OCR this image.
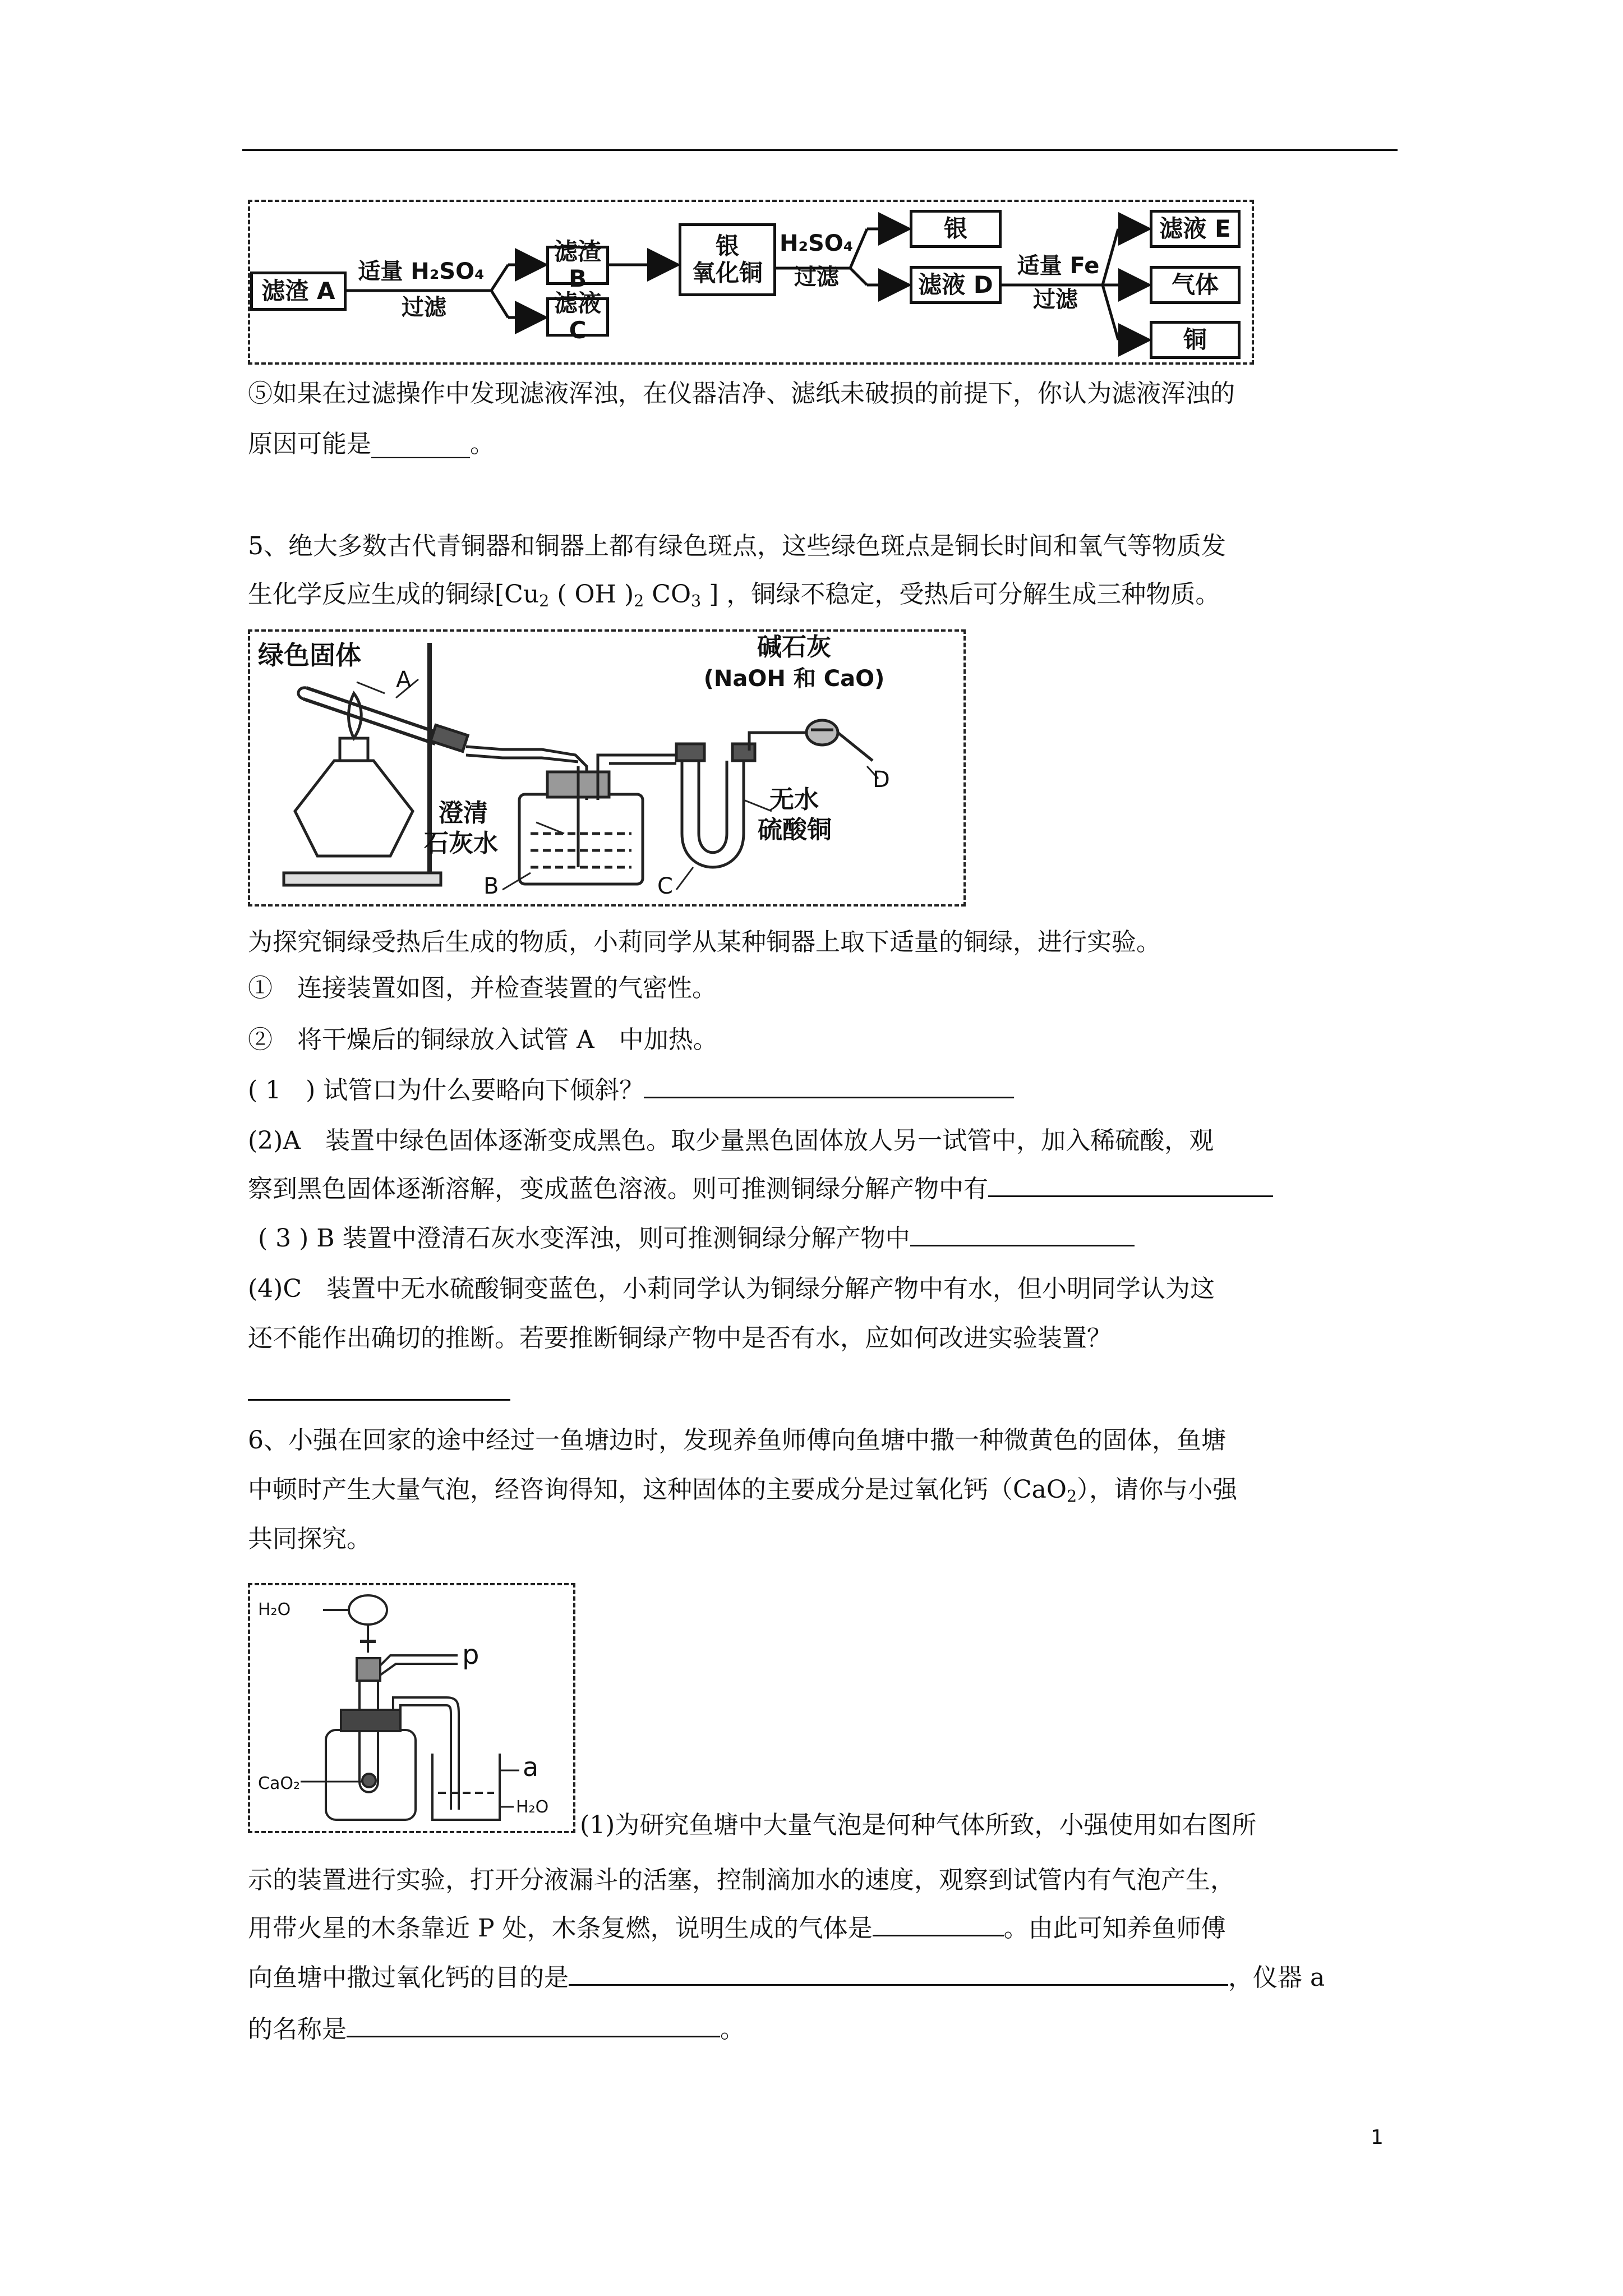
滤渣 A
适量 H₂SO₄
过滤
滤渣 B
滤液 C
银
氧化铜
H₂SO₄
过滤
银
滤液 D
适量 Fe
过滤
滤液 E
气体
铜
⑤如果在过滤操作中发现滤液浑浊，在仪器洁净、滤纸未破损的前提下，你认为滤液浑浊的
原因可能是________。
5、绝大多数古代青铜器和铜器上都有绿色斑点，这些绿色斑点是铜长时间和氧气等物质发
生化学反应生成的铜绿[$Cu_2$ ( OH )$_2$ $CO_3$ ] ，铜绿不稳定，受热后可分解生成三种物质。
绿色固体
A
碱石灰
(NaOH 和 CaO)
D
澄清
石灰水
无水
硫酸铜
B	C
为探究铜绿受热后生成的物质，小莉同学从某种铜器上取下适量的铜绿，进行实验。
①　连接装置如图，并检查装置的气密性。
②　将干燥后的铜绿放入试管 A　中加热。
( 1　) 试管口为什么要略向下倾斜？
(2)A　装置中绿色固体逐渐变成黑色。取少量黑色固体放人另一试管中，加入稀硫酸，观
察到黑色固体逐渐溶解，变成蓝色溶液。则可推测铜绿分解产物中有
( 3 ) B 装置中澄清石灰水变浑浊，则可推测铜绿分解产物中
(4)C　装置中无水硫酸铜变蓝色，小莉同学认为铜绿分解产物中有水，但小明同学认为这
还不能作出确切的推断。若要推断铜绿产物中是否有水，应如何改进实验装置？
6、小强在回家的途中经过一鱼塘边时，发现养鱼师傅向鱼塘中撒一种微黄色的固体，鱼塘
中顿时产生大量气泡，经咨询得知，这种固体的主要成分是过氧化钙（CaO$_2$），请你与小强
共同探究。
H₂O
p
a
CaO₂
H₂O
(1)为研究鱼塘中大量气泡是何种气体所致，小强使用如右图所
示的装置进行实验，打开分液漏斗的活塞，控制滴加水的速度，观察到试管内有气泡产生，
用带火星的木条靠近 P 处，木条复燃，说明生成的气体是	。由此可知养鱼师傅
向鱼塘中撒过氧化钙的目的是	，仪器 a
的名称是	。
1
